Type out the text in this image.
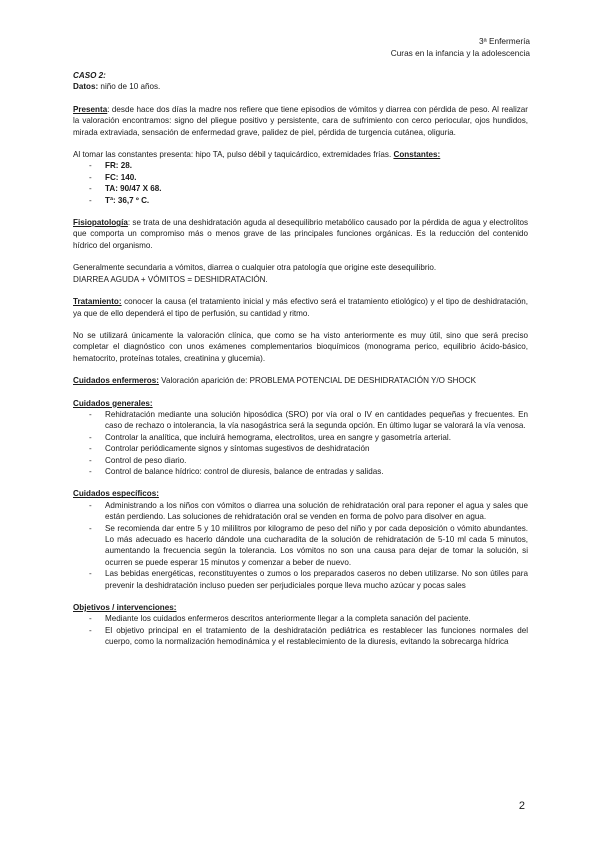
3ª Enfermería
Curas en la infancia y la adolescencia

CASO 2:

Datos: niño de 10 años.

Presenta: desde hace dos días la madre nos refiere que tiene episodios de vómitos y diarrea con pérdida de peso. Al realizar la valoración encontramos: signo del pliegue positivo y persistente, cara de sufrimiento con cerco periocular, ojos hundidos, mirada extraviada, sensación de enfermedad grave, palidez de piel, pérdida de turgencia cutánea, oliguria.

Al tomar las constantes presenta: hipo TA, pulso débil y taquicárdico, extremidades frías. Constantes:

- FR: 28.
- FC: 140.
- TA: 90/47 X 68.
- Tª: 36,7 º C.

Fisiopatología: se trata de una deshidratación aguda al desequilibrio metabólico causado por la pérdida de agua y electrolitos que comporta un compromiso más o menos grave de las principales funciones orgánicas. Es la reducción del contenido hídrico del organismo.

Generalmente secundaria a vómitos, diarrea o cualquier otra patología que origine este desequilibrio.

DIARREA AGUDA + VÓMITOS = DESHIDRATACIÓN.

Tratamiento: conocer la causa (el tratamiento inicial y más efectivo será el tratamiento etiológico) y el tipo de deshidratación, ya que de ello dependerá el tipo de perfusión, su cantidad y ritmo.

No se utilizará únicamente la valoración clínica, que como se ha visto anteriormente es muy útil, sino que será preciso completar el diagnóstico con unos exámenes complementarios bioquímicos (monograma perico, equilibrio ácido-básico, hematocrito, proteínas totales, creatinina y glucemia).

Cuidados enfermeros: Valoración aparición de: PROBLEMA POTENCIAL DE DESHIDRATACIÓN Y/O SHOCK

Cuidados generales:

- Rehidratación mediante una solución hiposódica (SRO) por vía oral o IV en cantidades pequeñas y frecuentes. En caso de rechazo o intolerancia, la vía nasogástrica será la segunda opción. En último lugar se valorará la vía venosa.
- Controlar la analítica, que incluirá hemograma, electrolitos, urea en sangre y gasometría arterial.
- Controlar periódicamente signos y síntomas sugestivos de deshidratación
- Control de peso diario.
- Control de balance hídrico: control de diuresis, balance de entradas y salidas.

Cuidados específicos:

- Administrando a los niños con vómitos o diarrea una solución de rehidratación oral para reponer el agua y sales que están perdiendo. Las soluciones de rehidratación oral se venden en forma de polvo para disolver en agua.
- Se recomienda dar entre 5 y 10 mililitros por kilogramo de peso del niño y por cada deposición o vómito abundantes. Lo más adecuado es hacerlo dándole una cucharadita de la solución de rehidratación de 5-10 ml cada 5 minutos, aumentando la frecuencia según la tolerancia. Los vómitos no son una causa para dejar de tomar la solución, si ocurren se puede esperar 15 minutos y comenzar a beber de nuevo.
- Las bebidas energéticas, reconstituyentes o zumos o los preparados caseros no deben utilizarse. No son útiles para prevenir la deshidratación incluso pueden ser perjudiciales porque lleva mucho azúcar y pocas sales

Objetivos / intervenciones:

- Mediante los cuidados enfermeros descritos anteriormente llegar a la completa sanación del paciente.
- El objetivo principal en el tratamiento de la deshidratación pediátrica es restablecer las funciones normales del cuerpo, como la normalización hemodinámica y el restablecimiento de la diuresis, evitando la sobrecarga hídrica
2
